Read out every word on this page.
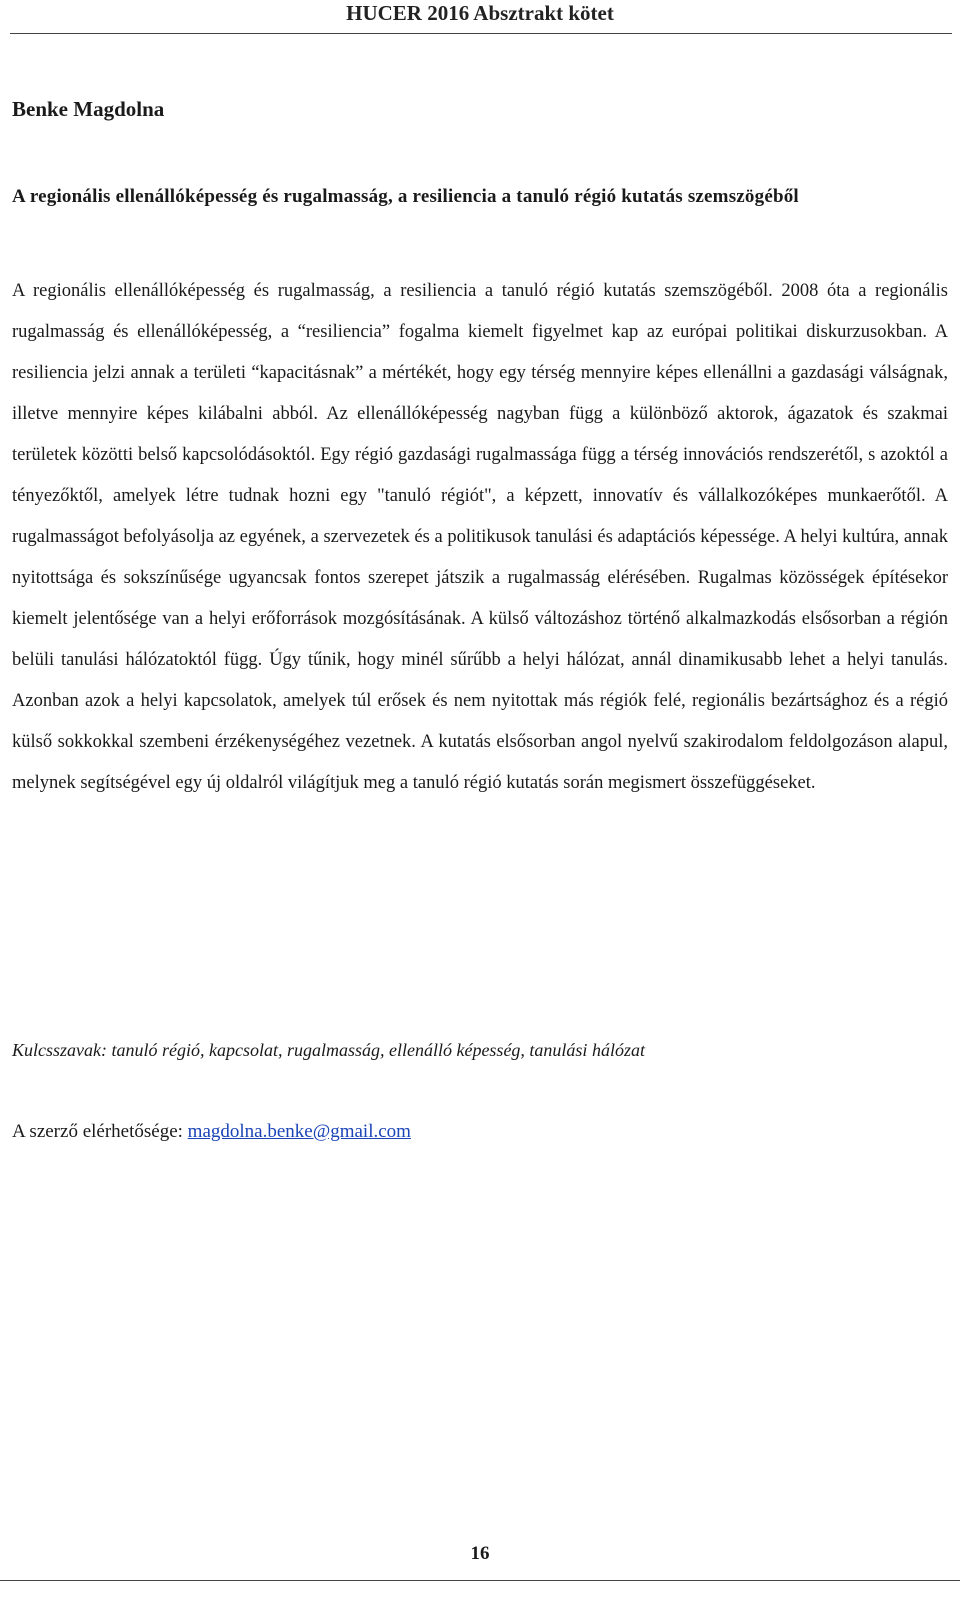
HUCER 2016 Absztrakt kötet
Benke Magdolna
A regionális ellenállóképesség és rugalmasság, a resiliencia a tanuló régió kutatás szemszögéből

A regionális ellenállóképesség és rugalmasság, a resiliencia a tanuló régió kutatás szemszögéből. 2008 óta a regionális rugalmasság és ellenállóképesség, a “resiliencia” fogalma kiemelt figyelmet kap az európai politikai diskurzusokban. A resiliencia jelzi annak a területi “kapacitásnak” a mértékét, hogy egy térség mennyire képes ellenállni a gazdasági válságnak, illetve mennyire képes kilábalni abból. Az ellenállóképesség nagyban függ a különböző aktorok, ágazatok és szakmai területek közötti belső kapcsolódásoktól. Egy régió gazdasági rugalmassága függ a térség innovációs rendszerétől, s azoktól a tényezőktől, amelyek létre tudnak hozni egy "tanuló régiót", a képzett, innovatív és vállalkozóképes munkaerőtől. A rugalmasságot befolyásolja az egyének, a szervezetek és a politikusok tanulási és adaptációs képessége. A helyi kultúra, annak nyitottsága és sokszínűsége ugyancsak fontos szerepet játszik a rugalmasság elérésében. Rugalmas közösségek építésekor kiemelt jelentősége van a helyi erőforrások mozgósításának. A külső változáshoz történő alkalmazkodás elsősorban a régión belüli tanulási hálózatoktól függ. Úgy tűnik, hogy minél sűrűbb a helyi hálózat, annál dinamikusabb lehet a helyi tanulás. Azonban azok a helyi kapcsolatok, amelyek túl erősek és nem nyitottak más régiók felé, regionális bezártsághoz és a régió külső sokkokkal szembeni érzékenységéhez vezetnek. A kutatás elsősorban angol nyelvű szakirodalom feldolgozáson alapul, melynek segítségével egy új oldalról világítjuk meg a tanuló régió kutatás során megismert összefüggéseket.

Kulcsszavak: tanuló régió, kapcsolat, rugalmasság, ellenálló képesség, tanulási hálózat
A szerző elérhetősége: magdolna.benke@gmail.com
16
